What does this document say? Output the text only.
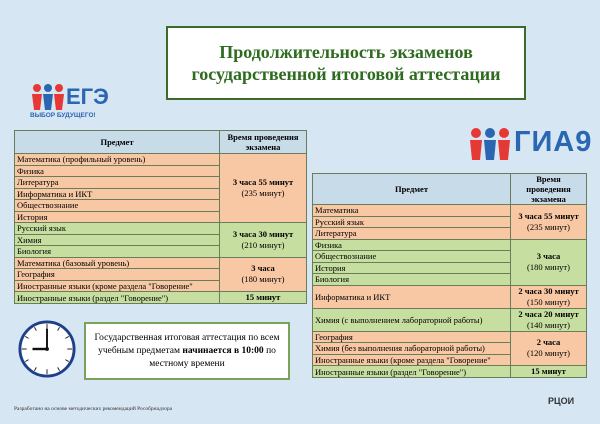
Продолжительность экзаменов
государственной итоговой аттестации
ЕГЭ
ВЫБОР БУДУЩЕГО!
ГИА9
Предмет	Время проведения экзамена
Математика (профильный уровень)	3 часа 55 минут
(235 минут)

Физика	
Литература	
Информатика и ИКТ	
Обществознание	
История	
Русский язык	3 часа 30 минут
(210 минут)

Химия	
Биология	
Математика (базовый уровень)	3 часа
(180 минут)

География	
Иностранные языки (кроме раздела "Говорение"	
Иностранные языки (раздел "Говорение")	15 минут
Предмет	Время проведения экзамена
Математика	3 часа 55 минут
(235 минут)

Русский язык	
Литература	
Физика	3 часа
(180 минут)

Обществознание	
История	
Биология	
Информатика и ИКТ	2 часа 30 минут
(150 минут)

Химия (с выполнением лабораторной работы)	2 часа 20 минут
(140 минут)

География	2 часа
(120 минут)

Химия (без выполнения лабораторной работы)	
Иностранные языки (кроме раздела "Говорение"	
Иностранные языки (раздел "Говорение")	15 минут
Государственная итоговая аттестация по всем учебным предметам начинается в 10:00 по местному времени
Разработано на основе методических рекомендаций Рособрнадзора
РЦОИ
